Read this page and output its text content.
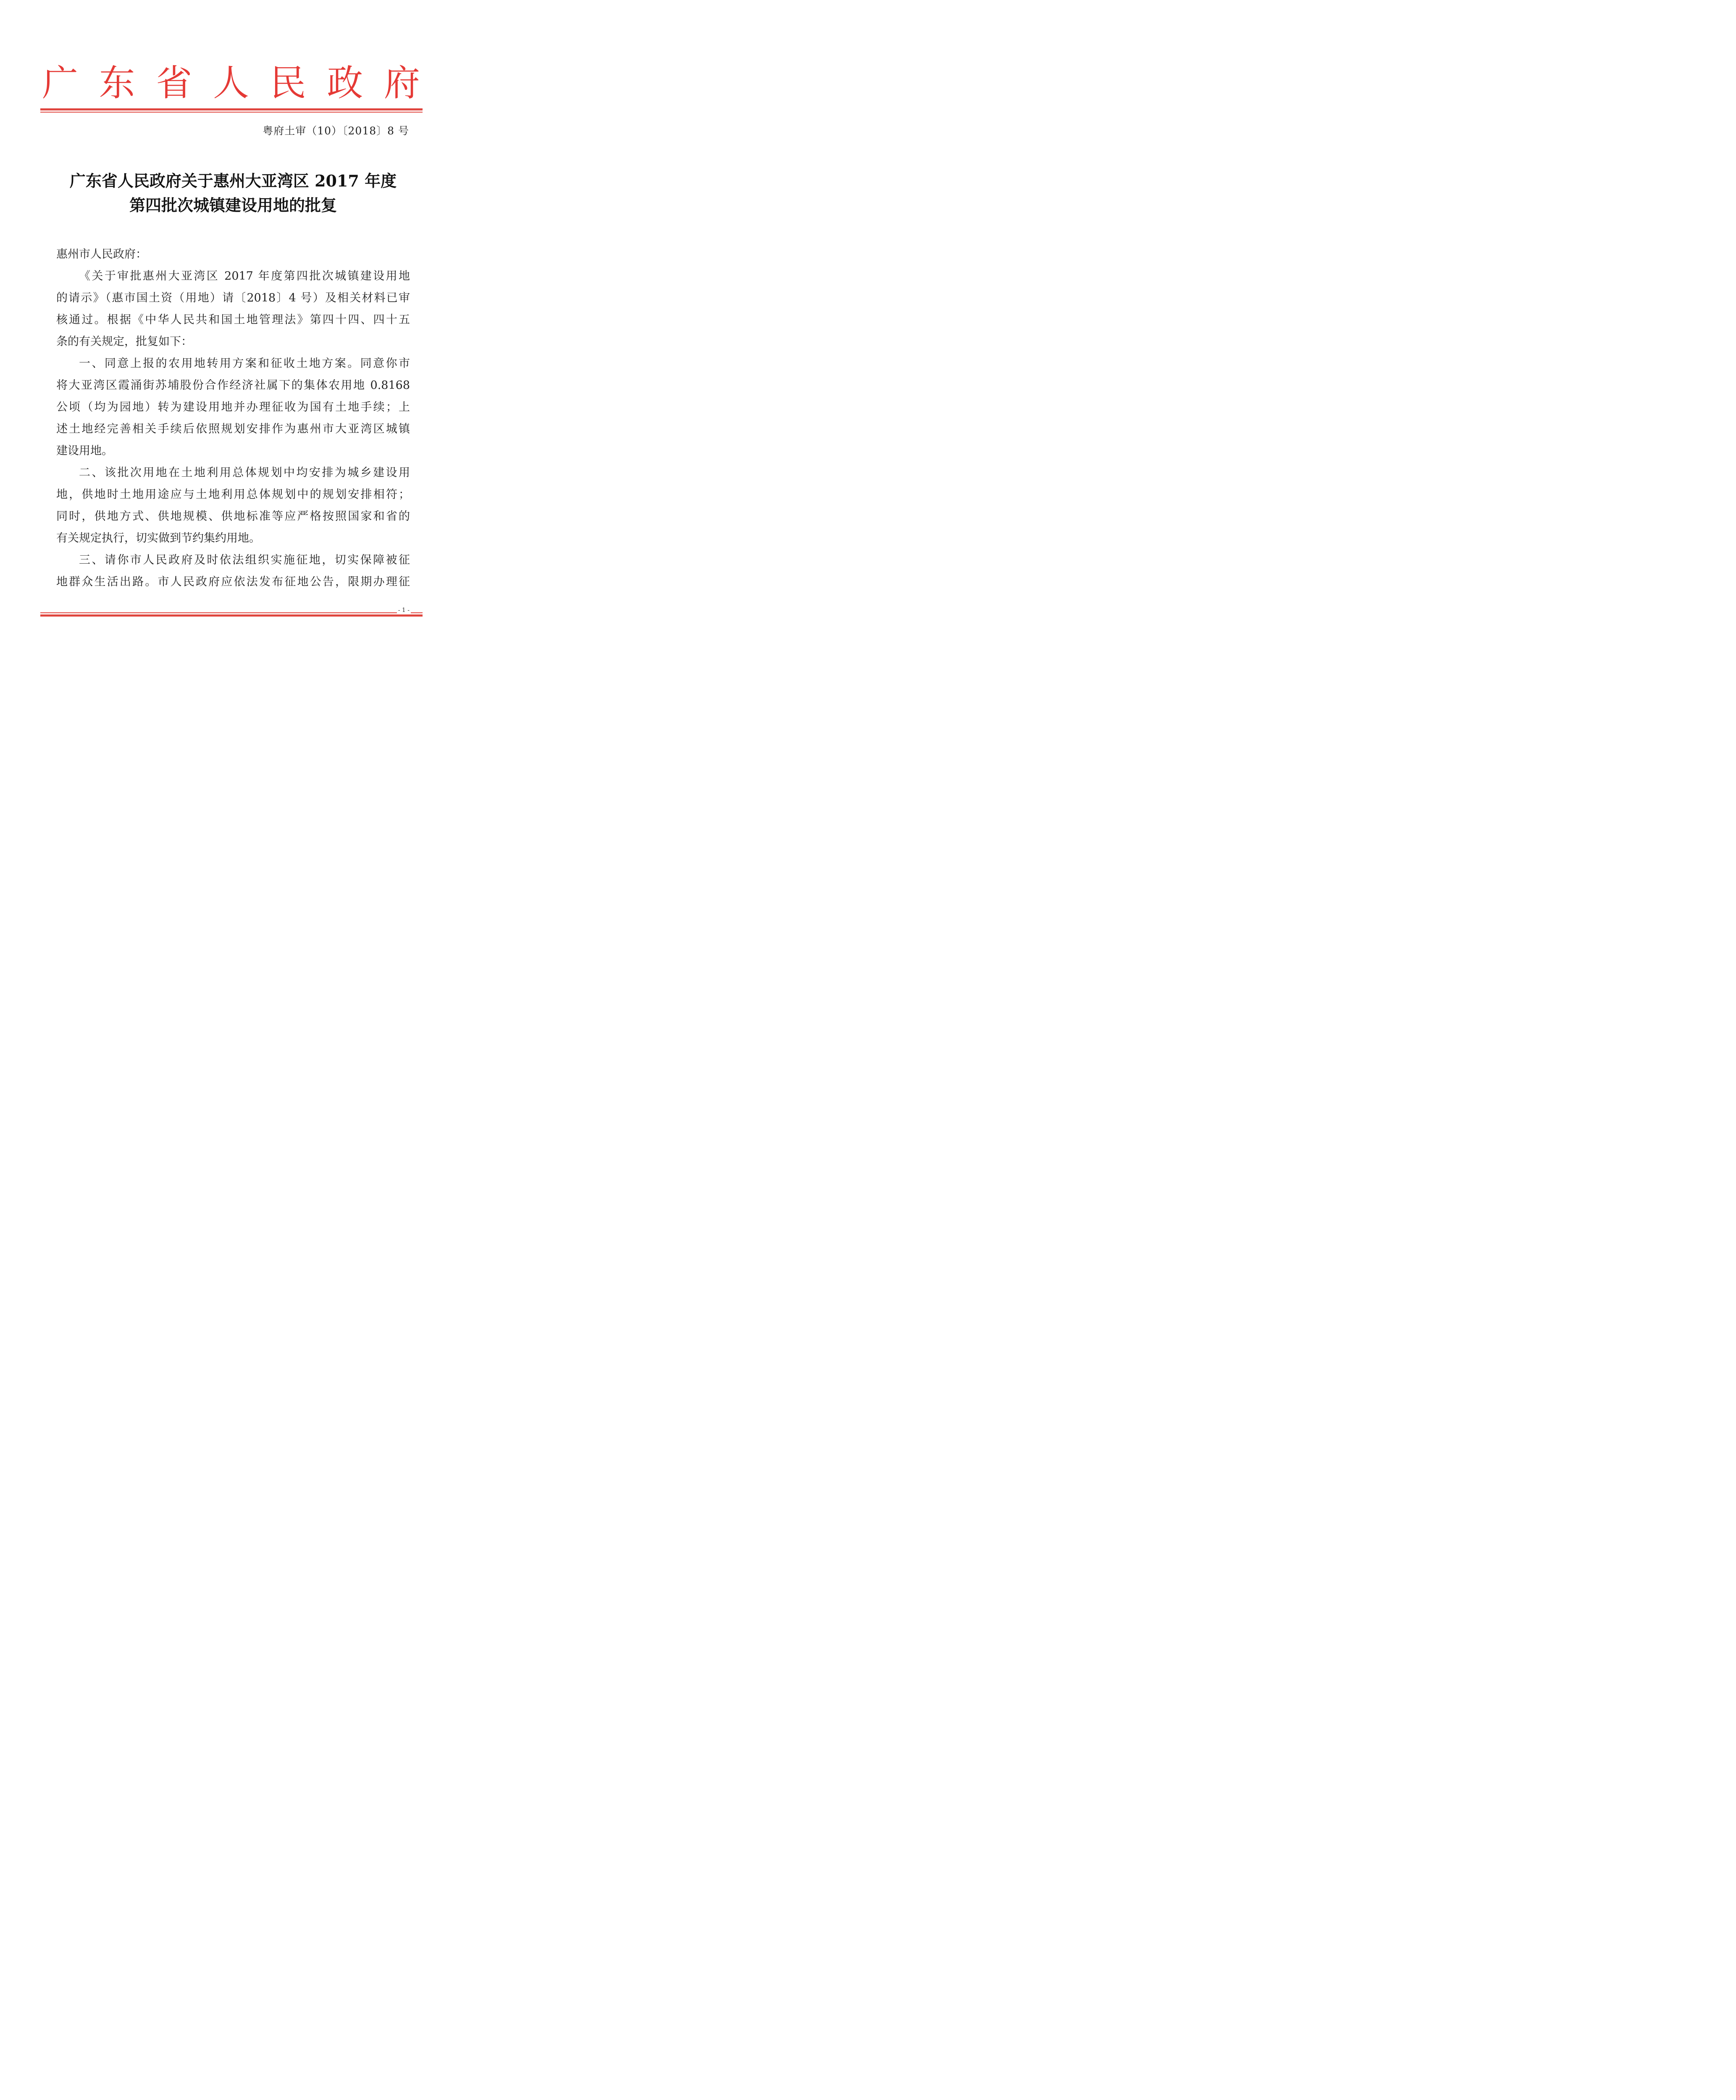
广 东 省 人 民 政 府
粤府土审（10）〔2018〕8 号
广东省人民政府关于惠州大亚湾区 2017 年度
第四批次城镇建设用地的批复
惠州市人民政府：
《关于审批惠州大亚湾区 2017 年度第四批次城镇建设用地
的请示》（惠市国土资（用地）请〔2018〕4 号）及相关材料已审
核通过。根据《中华人民共和国土地管理法》第四十四、四十五
条的有关规定，批复如下：
一、同意上报的农用地转用方案和征收土地方案。同意你市
将大亚湾区霞涌街苏埔股份合作经济社属下的集体农用地 0.8168
公顷（均为园地）转为建设用地并办理征收为国有土地手续；上
述土地经完善相关手续后依照规划安排作为惠州市大亚湾区城镇
建设用地。
二、该批次用地在土地利用总体规划中均安排为城乡建设用
地，供地时土地用途应与土地利用总体规划中的规划安排相符；
同时，供地方式、供地规模、供地标准等应严格按照国家和省的
有关规定执行，切实做到节约集约用地。
三、请你市人民政府及时依法组织实施征地，切实保障被征
地群众生活出路。市人民政府应依法发布征地公告，限期办理征
- 1 -
